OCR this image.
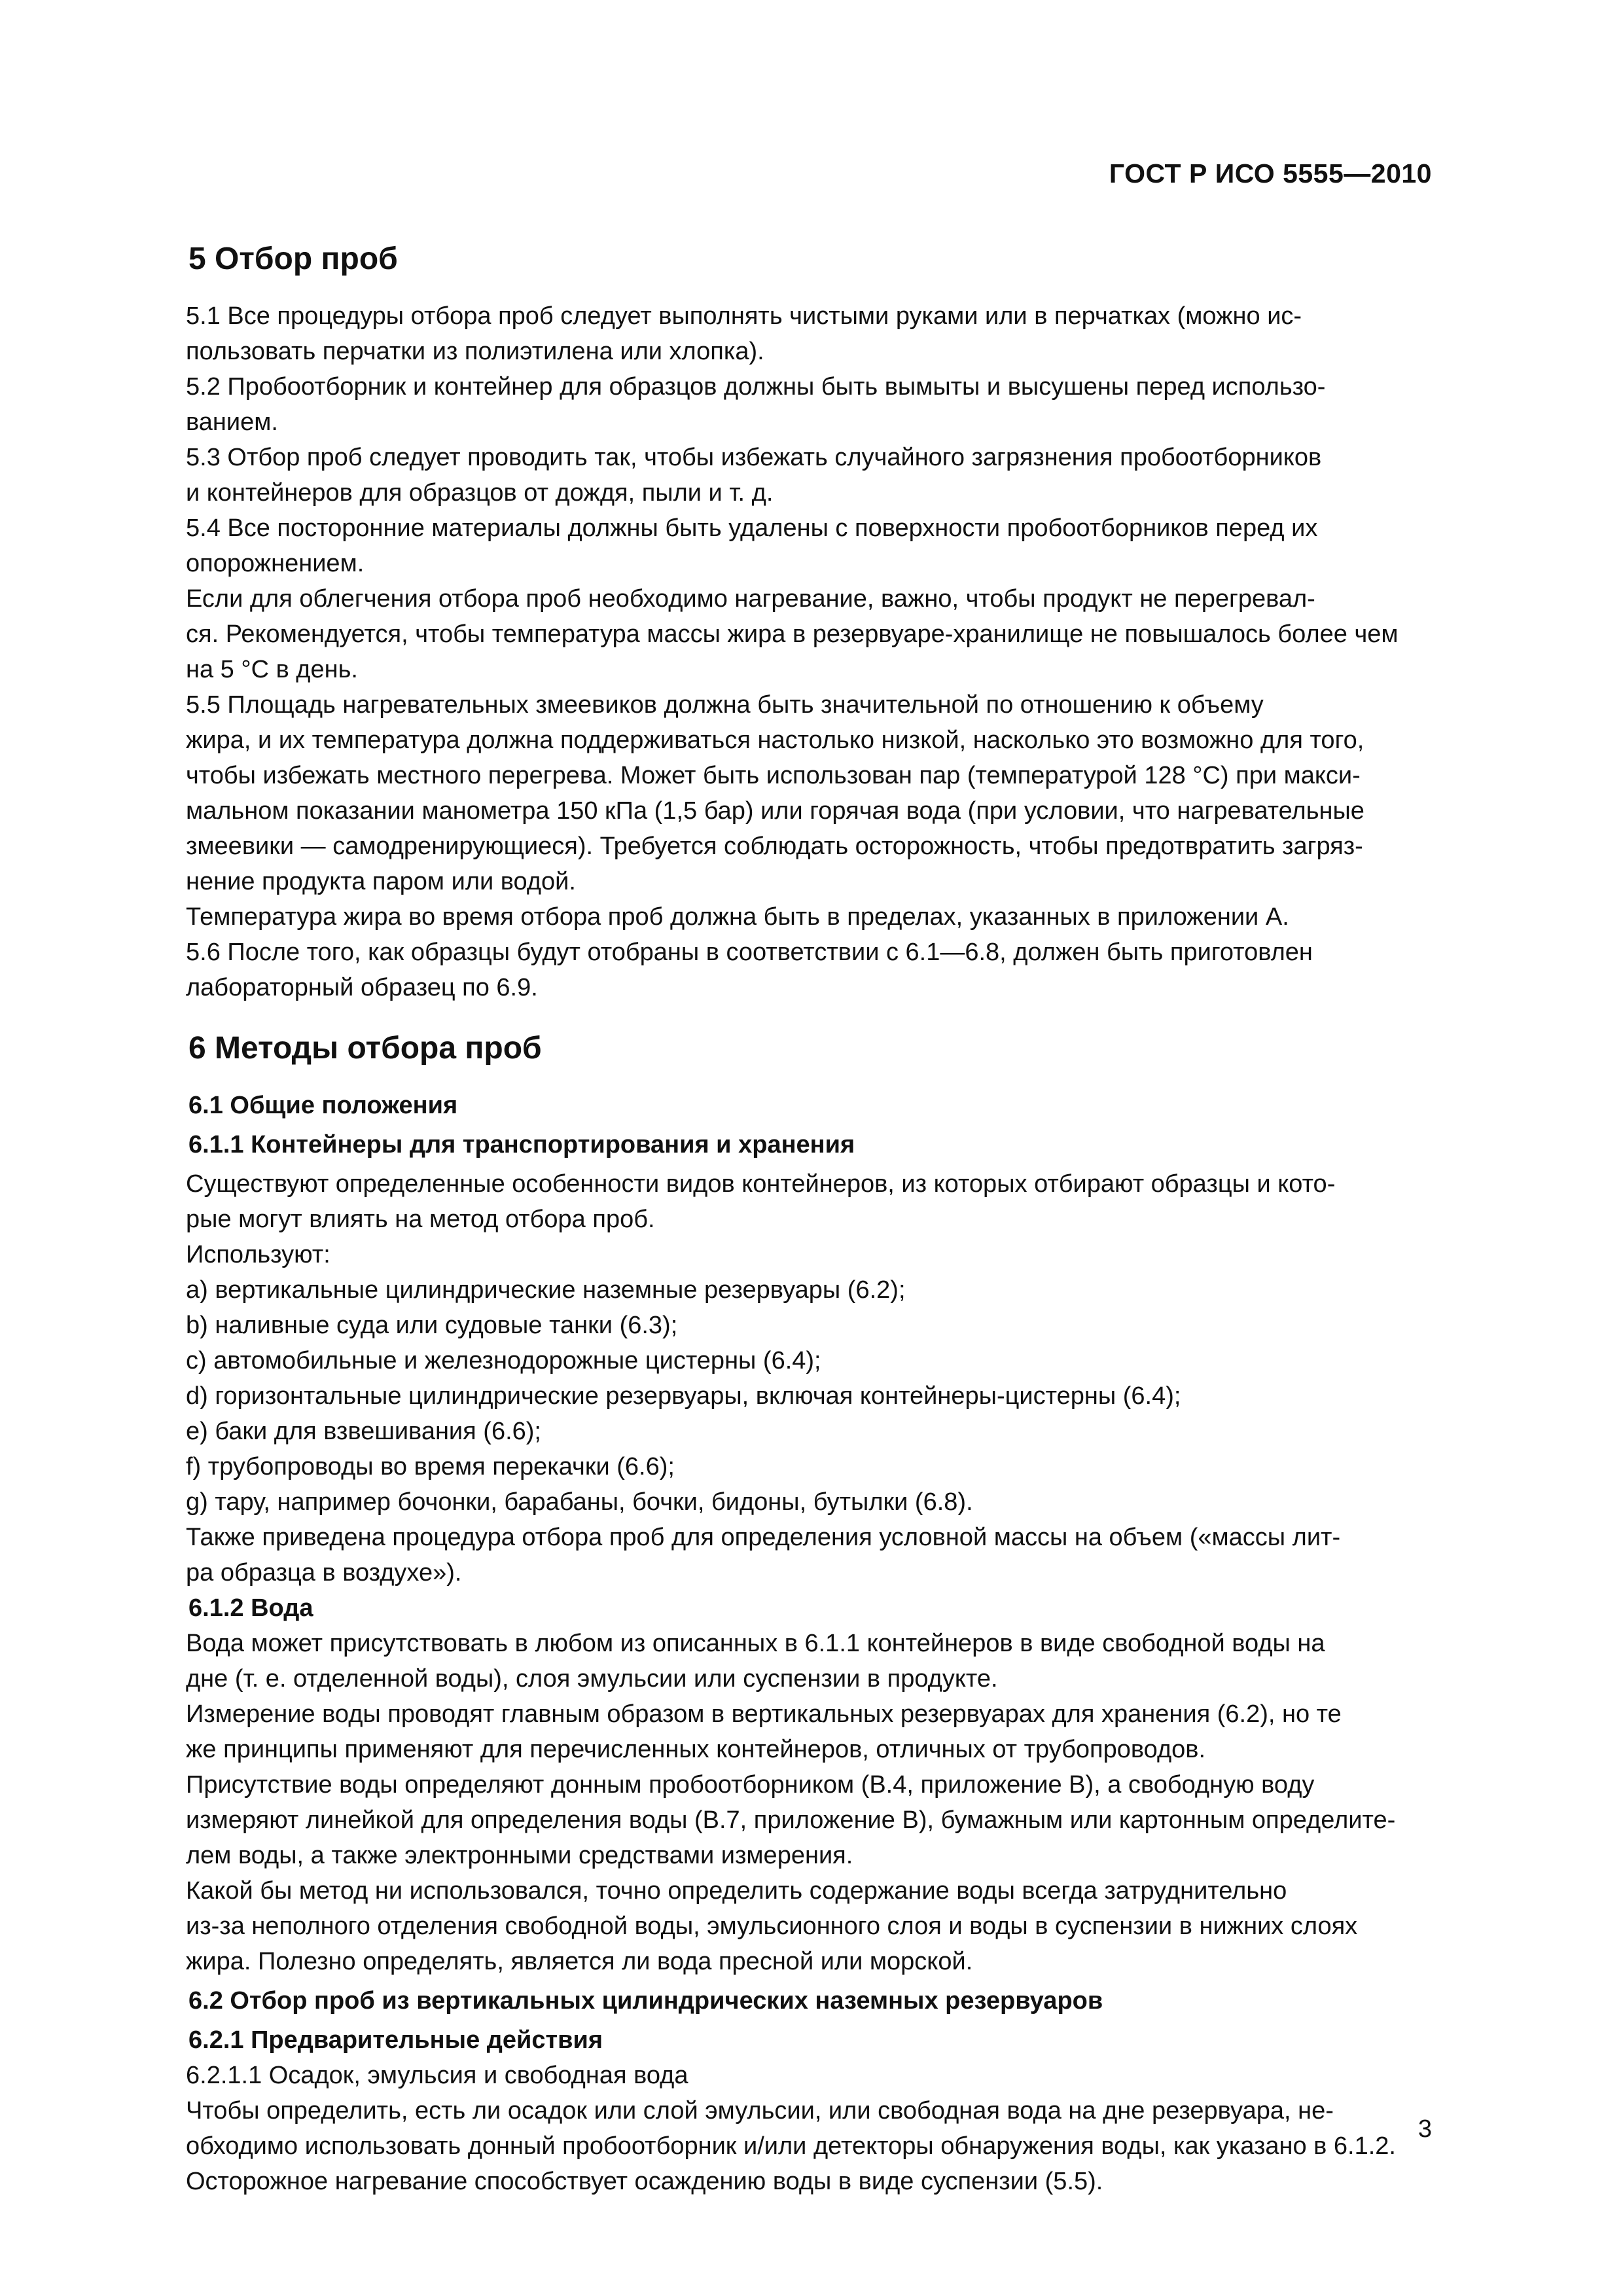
ГОСТ Р ИСО 5555—2010
5 Отбор проб
5.1 Все процедуры отбора проб следует выполнять чистыми руками или в перчатках (можно ис-
пользовать перчатки из полиэтилена или хлопка).
5.2 Пробоотборник и контейнер для образцов должны быть вымыты и высушены перед использо-
ванием.
5.3 Отбор проб следует проводить так, чтобы избежать случайного загрязнения пробоотборников
и контейнеров для образцов от дождя, пыли и т. д.
5.4 Все посторонние материалы должны быть удалены с поверхности пробоотборников перед их
опорожнением.
Если для облегчения отбора проб необходимо нагревание, важно, чтобы продукт не перегревал-
ся. Рекомендуется, чтобы температура массы жира в резервуаре-хранилище не повышалось более чем
на 5 °С в день.
5.5 Площадь нагревательных змеевиков должна быть значительной по отношению к объему
жира, и их температура должна поддерживаться настолько низкой, насколько это возможно для того,
чтобы избежать местного перегрева. Может быть использован пар (температурой 128 °С) при макси-
мальном показании манометра 150 кПа (1,5 бар) или горячая вода (при условии, что нагревательные
змеевики — самодренирующиеся). Требуется соблюдать осторожность, чтобы предотвратить загряз-
нение продукта паром или водой.
Температура жира во время отбора проб должна быть в пределах, указанных в приложении А.
5.6 После того, как образцы будут отобраны в соответствии с 6.1—6.8, должен быть приготовлен
лабораторный образец по 6.9.
6 Методы отбора проб
6.1 Общие положения
6.1.1 Контейнеры для транспортирования и хранения
Существуют определенные особенности видов контейнеров, из которых отбирают образцы и кото-
рые могут влиять на метод отбора проб.
Используют:
a) вертикальные цилиндрические наземные резервуары (6.2);
b) наливные суда или судовые танки (6.3);
c) автомобильные и железнодорожные цистерны (6.4);
d) горизонтальные цилиндрические резервуары, включая контейнеры-цистерны (6.4);
e) баки для взвешивания (6.6);
f) трубопроводы во время перекачки (6.6);
g) тару, например бочонки, барабаны, бочки, бидоны, бутылки (6.8).
Также приведена процедура отбора проб для определения условной массы на объем («массы лит-
ра образца в воздухе»).
6.1.2 Вода
Вода может присутствовать в любом из описанных в 6.1.1 контейнеров в виде свободной воды на
дне (т. е. отделенной воды), слоя эмульсии или суспензии в продукте.
Измерение воды проводят главным образом в вертикальных резервуарах для хранения (6.2), но те
же принципы применяют для перечисленных контейнеров, отличных от трубопроводов.
Присутствие воды определяют донным пробоотборником (В.4, приложение В), а свободную воду
измеряют линейкой для определения воды (В.7, приложение В), бумажным или картонным определите-
лем воды, а также электронными средствами измерения.
Какой бы метод ни использовался, точно определить содержание воды всегда затруднительно
из-за неполного отделения свободной воды, эмульсионного слоя и воды в суспензии в нижних слоях
жира. Полезно определять, является ли вода пресной или морской.
6.2 Отбор проб из вертикальных цилиндрических наземных резервуаров
6.2.1 Предварительные действия
6.2.1.1 Осадок, эмульсия и свободная вода
Чтобы определить, есть ли осадок или слой эмульсии, или свободная вода на дне резервуара, не-
обходимо использовать донный пробоотборник и/или детекторы обнаружения воды, как указано в 6.1.2.
Осторожное нагревание способствует осаждению воды в виде суспензии (5.5).
3
